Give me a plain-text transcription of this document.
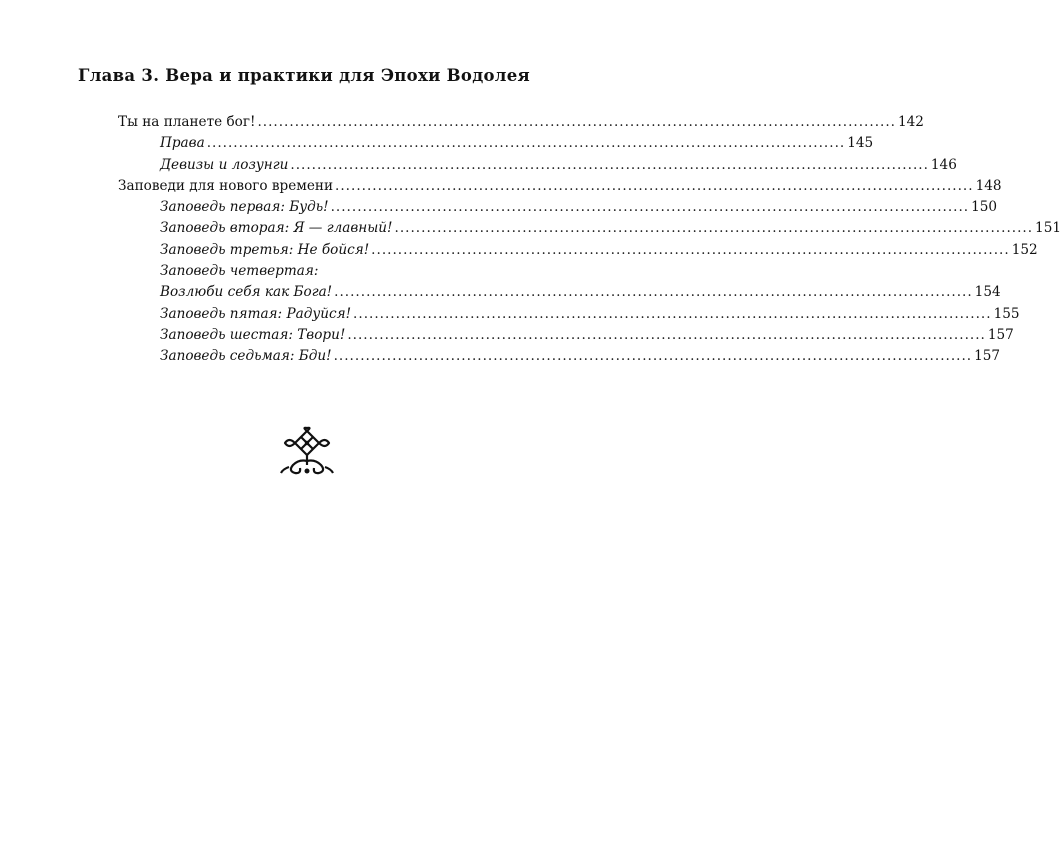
Глава 3. Вера и практики для Эпохи Водолея
Ты на планете бог! ........................................................................................................................ 142
Права ........................................................................................................................ 145
Девизы и лозунги ........................................................................................................................ 146
Заповеди для нового времени ........................................................................................................................ 148
Заповедь первая: Будь! ........................................................................................................................ 150
Заповедь вторая: Я — главный! ........................................................................................................................ 151
Заповедь третья: Не бойся! ........................................................................................................................ 152
Заповедь четвертая:
Возлюби себя как Бога! ........................................................................................................................ 154
Заповедь пятая: Радуйся! ........................................................................................................................ 155
Заповедь шестая: Твори! ........................................................................................................................ 157
Заповедь седьмая: Бди! ........................................................................................................................ 157
